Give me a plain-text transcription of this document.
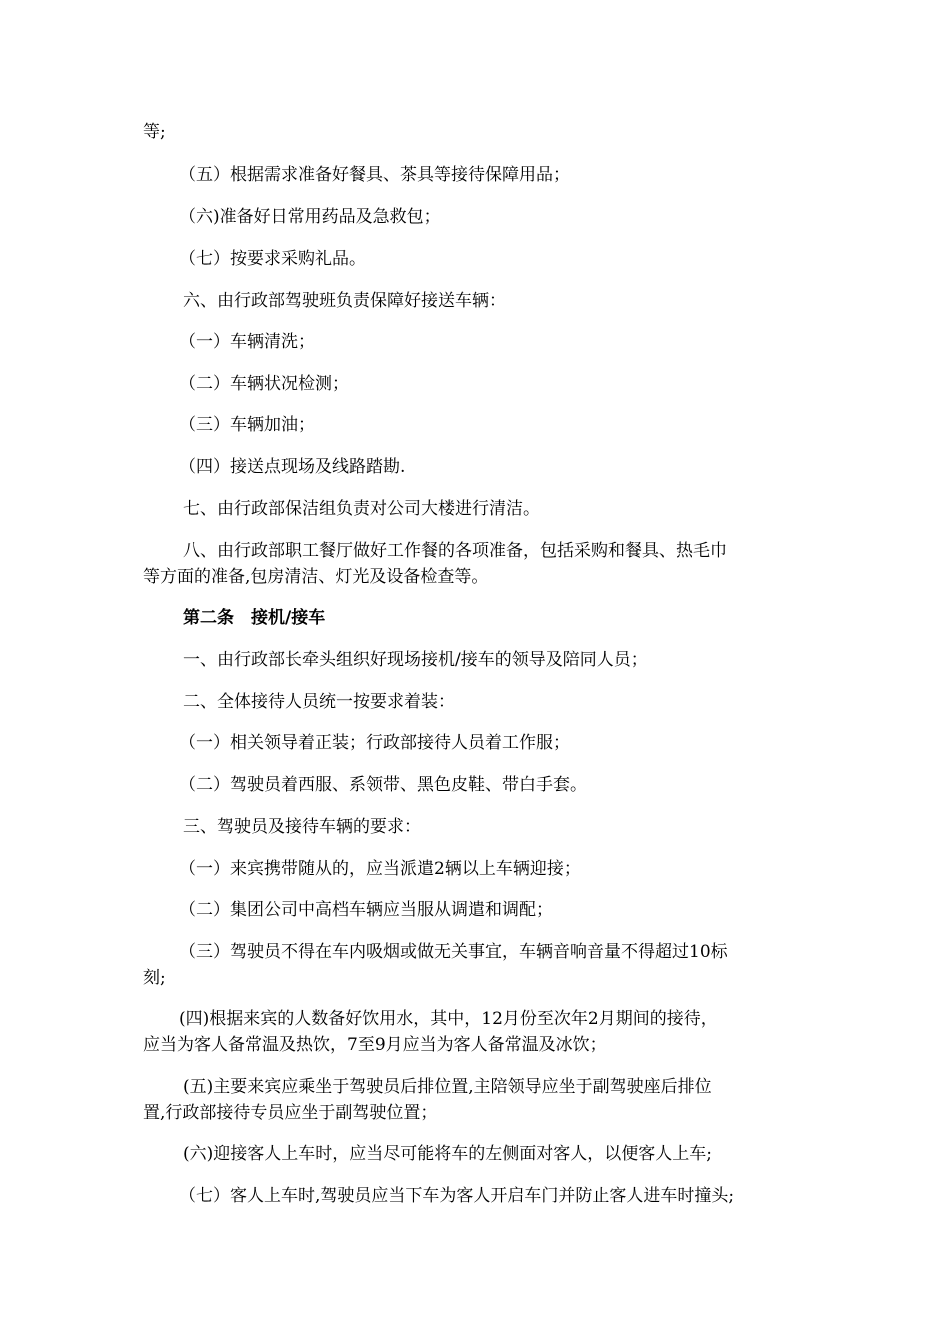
等;
（五）根据需求准备好餐具、茶具等接待保障用品；
（六)准备好日常用药品及急救包；
（七）按要求采购礼品。
六、由行政部驾驶班负责保障好接送车辆：
（一）车辆清洗；
（二）车辆状况检测；
（三）车辆加油；
（四）接送点现场及线路踏勘.
七、由行政部保洁组负责对公司大楼进行清洁。
八、由行政部职工餐厅做好工作餐的各项准备，包括采购和餐具、热毛巾
等方面的准备,包房清洁、灯光及设备检查等。
第二条　接机/接车
一、由行政部长牵头组织好现场接机/接车的领导及陪同人员；
二、全体接待人员统一按要求着装：
（一）相关领导着正装；行政部接待人员着工作服；
（二）驾驶员着西服、系领带、黑色皮鞋、带白手套。
三、驾驶员及接待车辆的要求：
（一）来宾携带随从的，应当派遣2辆以上车辆迎接；
（二）集团公司中高档车辆应当服从调遣和调配；
（三）驾驶员不得在车内吸烟或做无关事宜，车辆音响音量不得超过10标
刻;
(四)根据来宾的人数备好饮用水，其中，12月份至次年2月期间的接待，
应当为客人备常温及热饮，7至9月应当为客人备常温及冰饮；
(五)主要来宾应乘坐于驾驶员后排位置,主陪领导应坐于副驾驶座后排位
置,行政部接待专员应坐于副驾驶位置；
(六)迎接客人上车时，应当尽可能将车的左侧面对客人，以便客人上车;
（七）客人上车时,驾驶员应当下车为客人开启车门并防止客人进车时撞头;
